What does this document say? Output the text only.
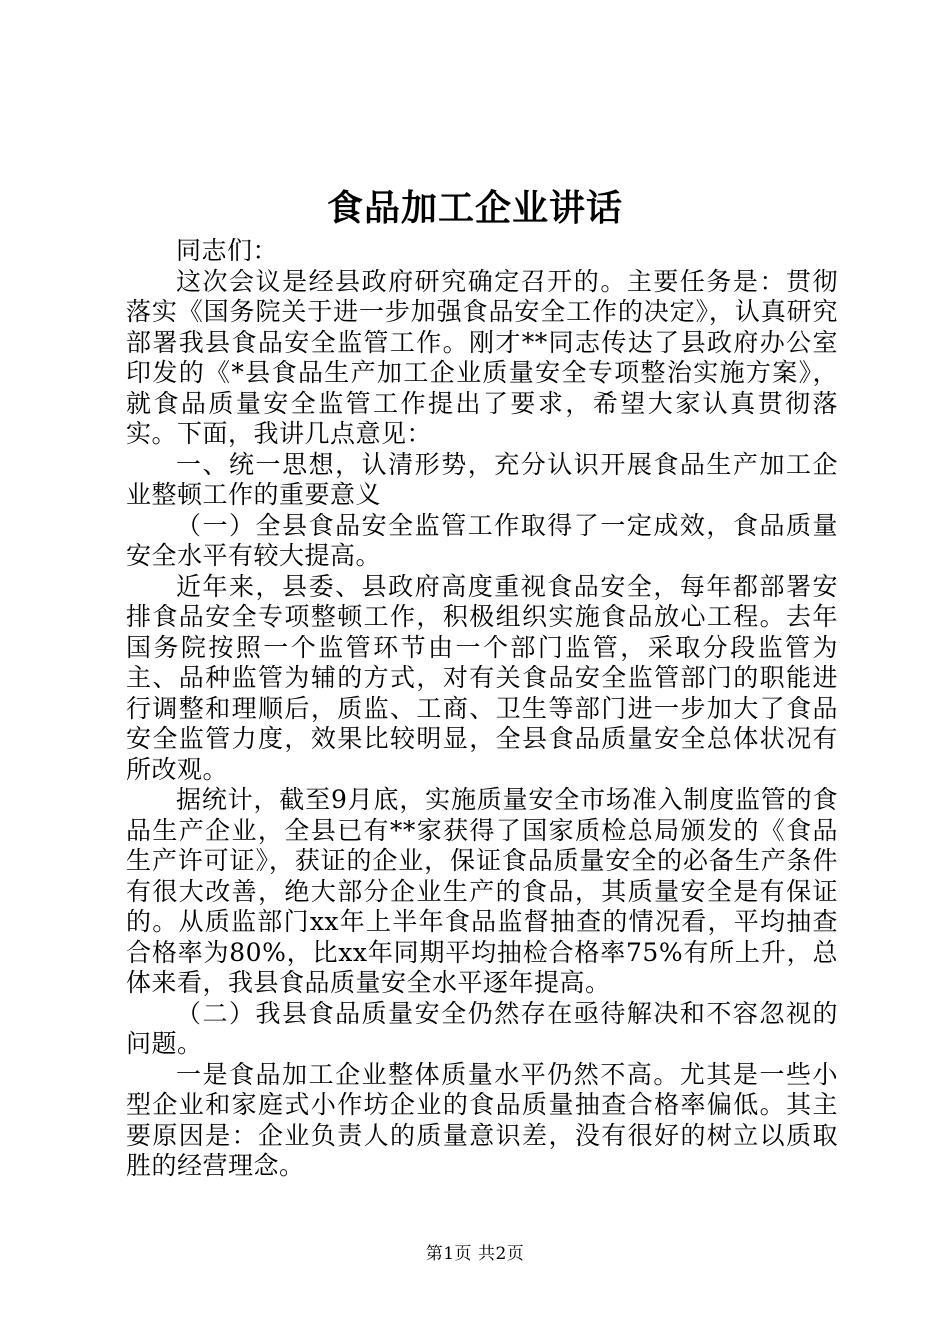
食品加工企业讲话

同志们：

这次会议是经县政府研究确定召开的。主要任务是：贯彻落实《国务院关于进一步加强食品安全工作的决定》，认真研究部署我县食品安全监管工作。刚才**同志传达了县政府办公室印发的《*县食品生产加工企业质量安全专项整治实施方案》，就食品质量安全监管工作提出了要求，希望大家认真贯彻落实。下面，我讲几点意见：

一、统一思想，认清形势，充分认识开展食品生产加工企业整顿工作的重要意义

（一）全县食品安全监管工作取得了一定成效，食品质量安全水平有较大提高。

近年来，县委、县政府高度重视食品安全，每年都部署安排食品安全专项整顿工作，积极组织实施食品放心工程。去年国务院按照一个监管环节由一个部门监管，采取分段监管为主、品种监管为辅的方式，对有关食品安全监管部门的职能进行调整和理顺后，质监、工商、卫生等部门进一步加大了食品安全监管力度，效果比较明显，全县食品质量安全总体状况有所改观。

据统计，截至9月底，实施质量安全市场准入制度监管的食品生产企业，全县已有**家获得了国家质检总局颁发的《食品生产许可证》，获证的企业，保证食品质量安全的必备生产条件有很大改善，绝大部分企业生产的食品，其质量安全是有保证的。从质监部门xx年上半年食品监督抽查的情况看，平均抽查合格率为80%，比xx年同期平均抽检合格率75%有所上升，总体来看，我县食品质量安全水平逐年提高。

（二）我县食品质量安全仍然存在亟待解决和不容忽视的问题。

一是食品加工企业整体质量水平仍然不高。尤其是一些小型企业和家庭式小作坊企业的食品质量抽查合格率偏低。其主要原因是：企业负责人的质量意识差，没有很好的树立以质取胜的经营理念。

第1页 共2页
